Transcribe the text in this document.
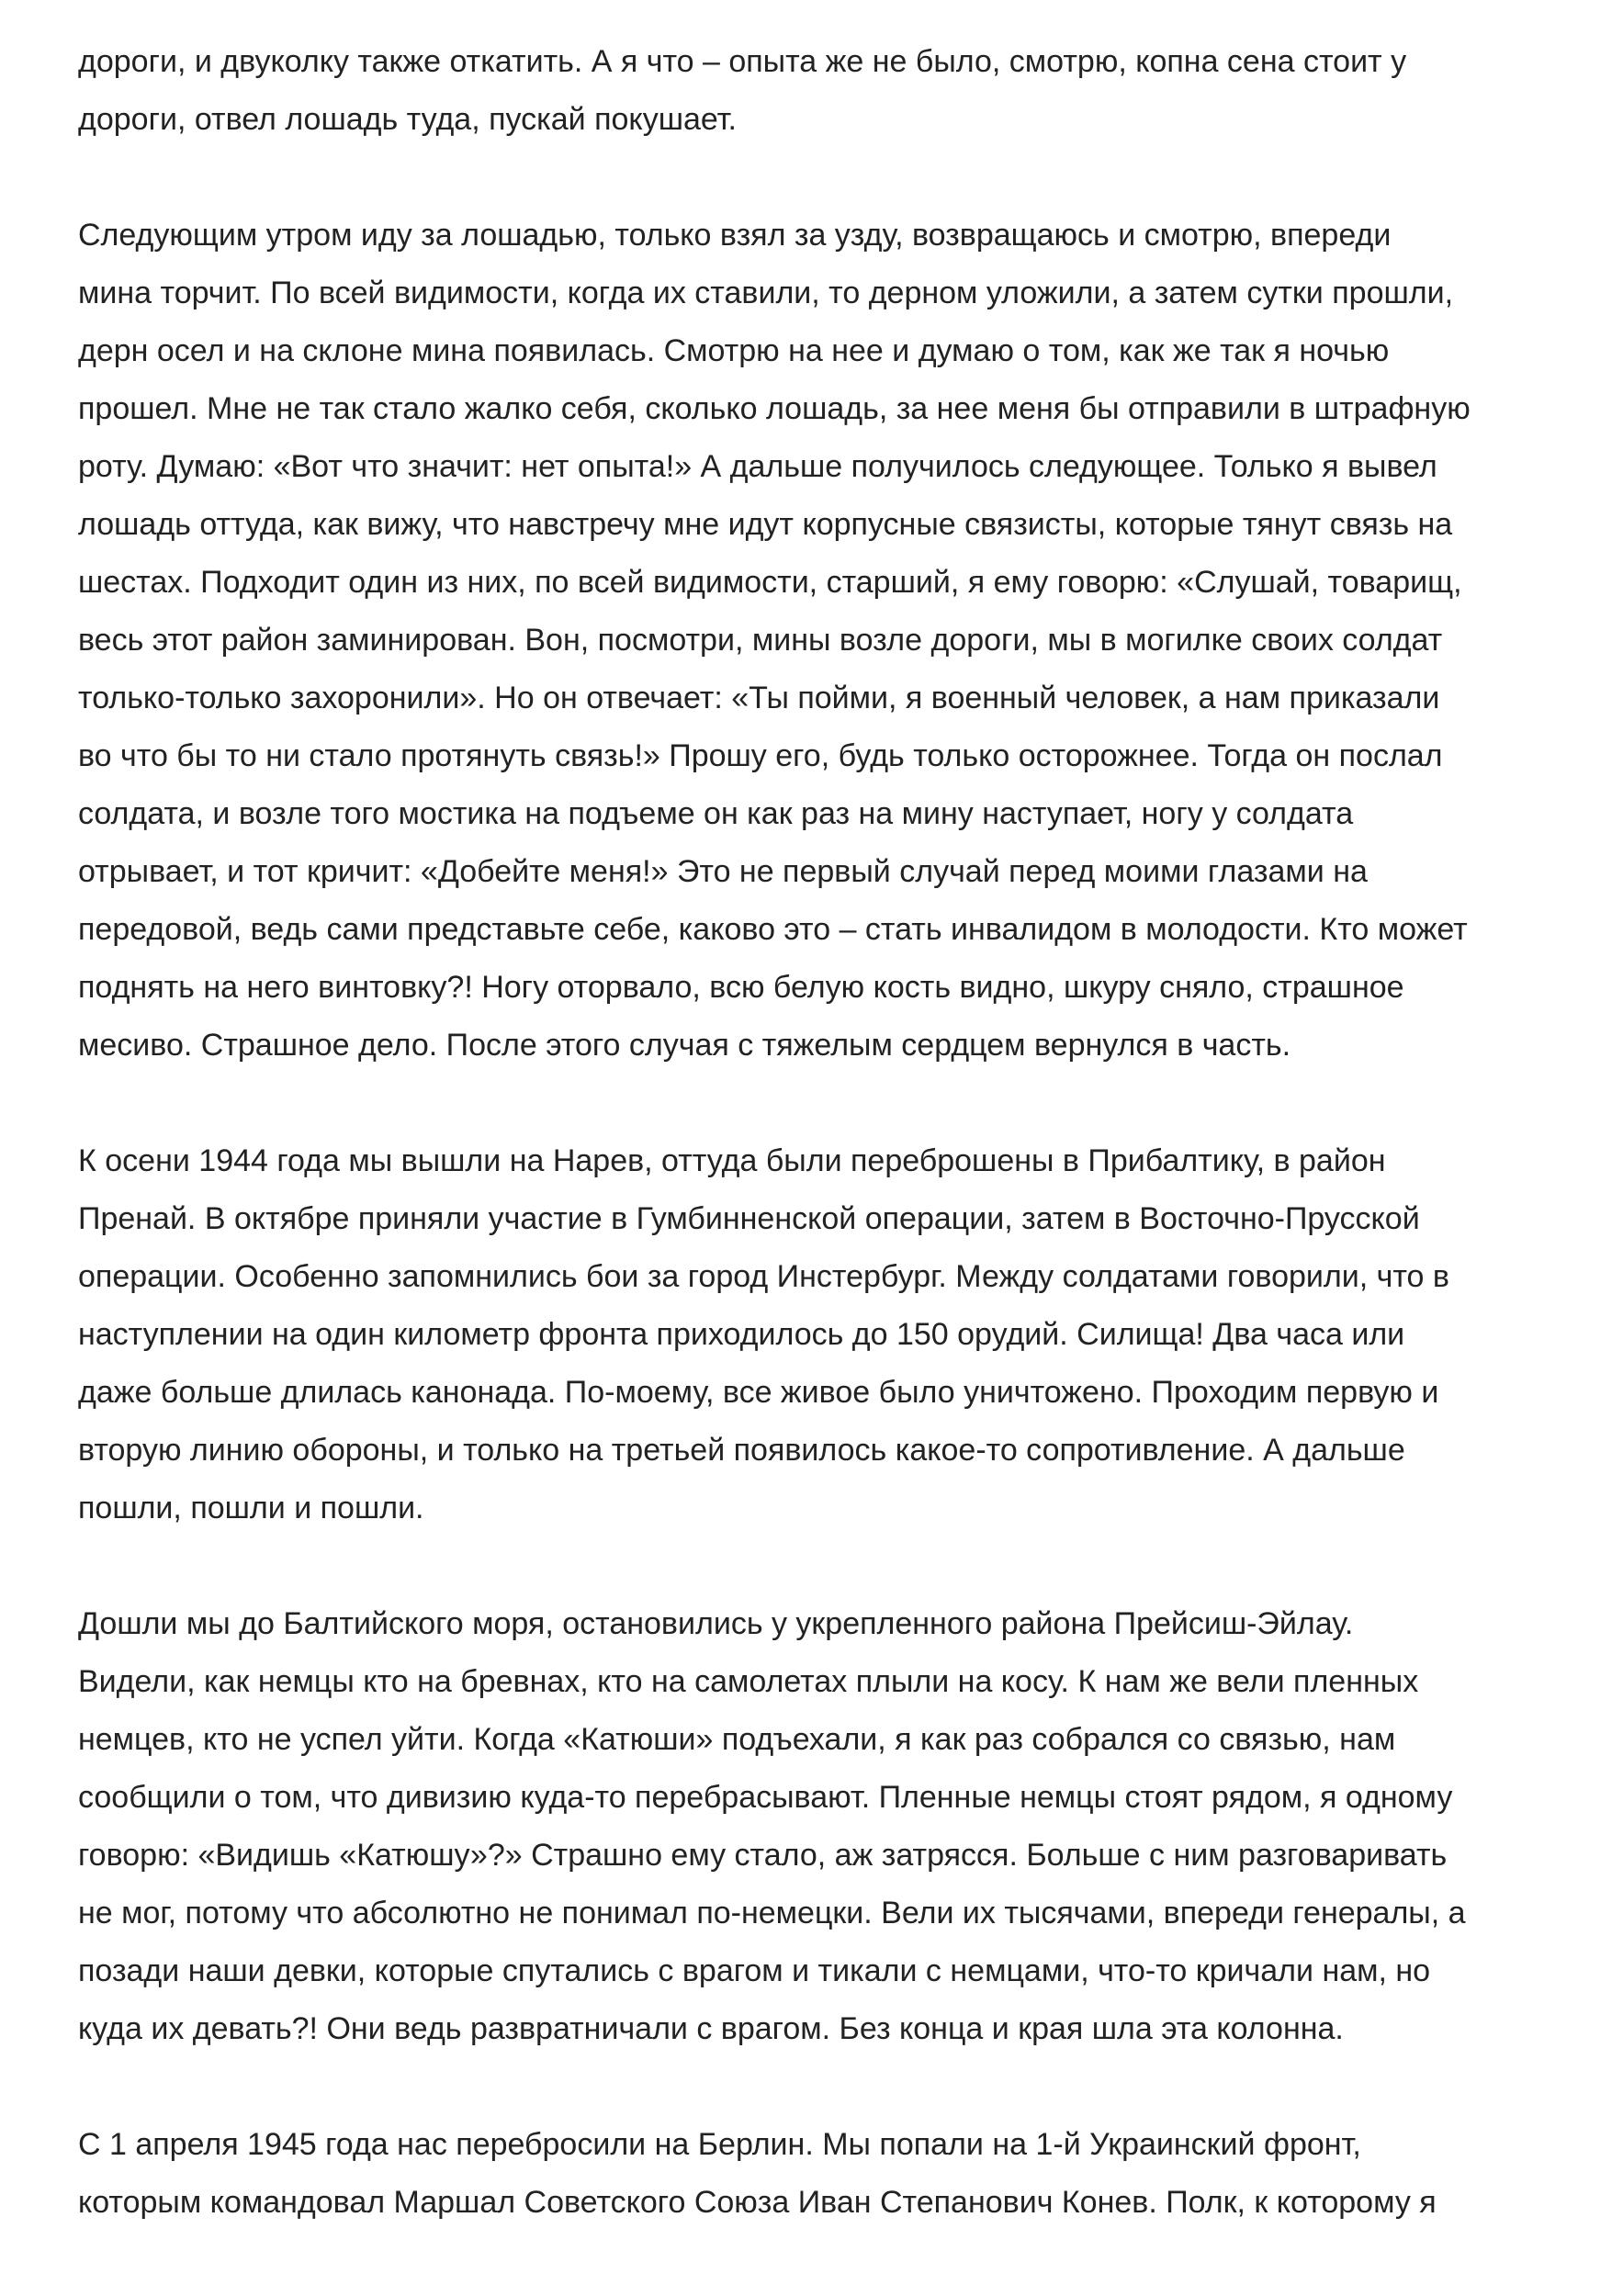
дороги, и двуколку также откатить. А я что – опыта же не было, смотрю, копна сена стоит у
дороги, отвел лошадь туда, пускай покушает.
Следующим утром иду за лошадью, только взял за узду, возвращаюсь и смотрю, впереди
мина торчит. По всей видимости, когда их ставили, то дерном уложили, а затем сутки прошли,
дерн осел и на склоне мина появилась. Смотрю на нее и думаю о том, как же так я ночью
прошел. Мне не так стало жалко себя, сколько лошадь, за нее меня бы отправили в штрафную
роту. Думаю: «Вот что значит: нет опыта!» А дальше получилось следующее. Только я вывел
лошадь оттуда, как вижу, что навстречу мне идут корпусные связисты, которые тянут связь на
шестах. Подходит один из них, по всей видимости, старший, я ему говорю: «Слушай, товарищ,
весь этот район заминирован. Вон, посмотри, мины возле дороги, мы в могилке своих солдат
только-только захоронили». Но он отвечает: «Ты пойми, я военный человек, а нам приказали
во что бы то ни стало протянуть связь!» Прошу его, будь только осторожнее. Тогда он послал
солдата, и возле того мостика на подъеме он как раз на мину наступает, ногу у солдата
отрывает, и тот кричит: «Добейте меня!» Это не первый случай перед моими глазами на
передовой, ведь сами представьте себе, каково это – стать инвалидом в молодости. Кто может
поднять на него винтовку?! Ногу оторвало, всю белую кость видно, шкуру сняло, страшное
месиво. Страшное дело. После этого случая с тяжелым сердцем вернулся в часть.
К осени 1944 года мы вышли на Нарев, оттуда были переброшены в Прибалтику, в район
Пренай. В октябре приняли участие в Гумбинненской операции, затем в Восточно-Прусской
операции. Особенно запомнились бои за город Инстербург. Между солдатами говорили, что в
наступлении на один километр фронта приходилось до 150 орудий. Силища! Два часа или
даже больше длилась канонада. По-моему, все живое было уничтожено. Проходим первую и
вторую линию обороны, и только на третьей появилось какое-то сопротивление. А дальше
пошли, пошли и пошли.
Дошли мы до Балтийского моря, остановились у укрепленного района Прейсиш-Эйлау.
Видели, как немцы кто на бревнах, кто на самолетах плыли на косу. К нам же вели пленных
немцев, кто не успел уйти. Когда «Катюши» подъехали, я как раз собрался со связью, нам
сообщили о том, что дивизию куда-то перебрасывают. Пленные немцы стоят рядом, я одному
говорю: «Видишь «Катюшу»?» Страшно ему стало, аж затрясся. Больше с ним разговаривать
не мог, потому что абсолютно не понимал по-немецки. Вели их тысячами, впереди генералы, а
позади наши девки, которые спутались с врагом и тикали с немцами, что-то кричали нам, но
куда их девать?! Они ведь развратничали с врагом. Без конца и края шла эта колонна.
С 1 апреля 1945 года нас перебросили на Берлин. Мы попали на 1-й Украинский фронт,
которым командовал Маршал Советского Союза Иван Степанович Конев. Полк, к которому я
